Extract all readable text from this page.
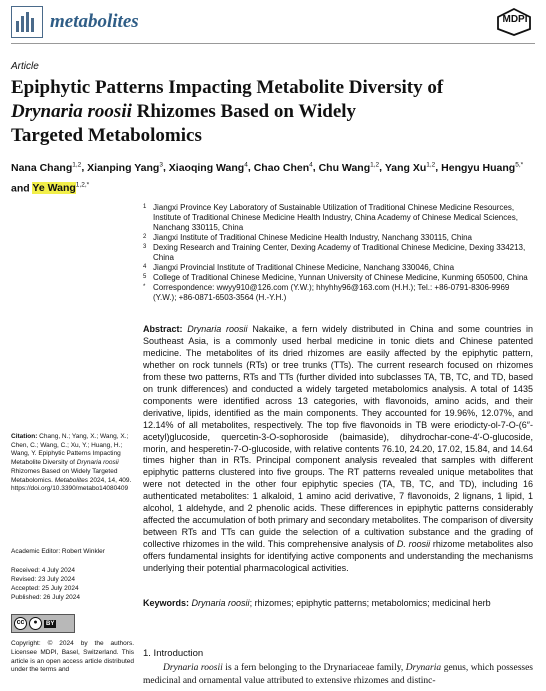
metabolites	MDPI
Article
Epiphytic Patterns Impacting Metabolite Diversity of
Drynaria roosii Rhizomes Based on Widely
Targeted Metabolomics
Nana Chang$^{1,2}$, Xianping Yang$^3$, Xiaoqing Wang$^4$, Chao Chen$^4$, Chu Wang$^{1,2}$, Yang Xu$^{1,2}$, Hengyu Huang$^{5,*}$
and Ye Wang$^{1,2,*}$
1 Jiangxi Province Key Laboratory of Sustainable Utilization of Traditional Chinese Medicine Resources, Institute of Traditional Chinese Medicine Health Industry, China Academy of Chinese Medical Sciences, Nanchang 330115, China
2 Jiangxi Institute of Traditional Chinese Medicine Health Industry, Nanchang 330115, China
3 Dexing Research and Training Center, Dexing Academy of Traditional Chinese Medicine, Dexing 334213, China
4 Jiangxi Provincial Institute of Traditional Chinese Medicine, Nanchang 330046, China
5 College of Traditional Chinese Medicine, Yunnan University of Chinese Medicine, Kunming 650500, China
* Correspondence: wwyy910@126.com (Y.W.); hhyhhy96@163.com (H.H.); Tel.: +86-0791-8306-9969 (Y.W.); +86-0871-6503-3564 (H.-Y.H.)
Abstract: Drynaria roosii Nakaike, a fern widely distributed in China and some countries in Southeast Asia, is a commonly used herbal medicine in tonic diets and Chinese patented medicine. The metabolites of its dried rhizomes are easily affected by the epiphytic pattern, whether on rock tunnels (RTs) or tree trunks (TTs). The current research focused on rhizomes from these two patterns, RTs and TTs (further divided into subclasses TA, TB, TC, and TD, based on trunk differences) and conducted a widely targeted metabolomics analysis. A total of 1435 components were identified across 13 categories, with flavonoids, amino acids, and their derivative, lipids, identified as the main components. They accounted for 19.96%, 12.07%, and 12.14% of all metabolites, respectively. The top five flavonoids in TB were eriodicty-ol-7-O-(6″-acetyl)glucoside, quercetin-3-O-sophoroside (baimaside), dihydrochar-cone-4′-O-glucoside, morin, and hesperetin-7-O-glucoside, with relative contents 76.10, 24.20, 17.02, 15.84, and 14.64 times higher than in RTs. Principal component analysis revealed that samples with different epiphytic patterns clustered into five groups. The RT patterns revealed unique metabolites that were not detected in the other four epiphytic species (TA, TB, TC, and TD), including 16 authenticated metabolites: 1 alkaloid, 1 amino acid derivative, 7 flavonoids, 2 lignans, 1 lipid, 1 alcohol, 1 aldehyde, and 2 phenolic acids. These differences in epiphytic patterns considerably affected the accumulation of both primary and secondary metabolites. The comparison of diversity between RTs and TTs can guide the selection of a cultivation substance and the grading of collective rhizomes in the wild. This comprehensive analysis of D. roosii rhizome metabolites also offers fundamental insights for identifying active components and understanding the mechanisms underlying their potential pharmacological activities.
Keywords: Drynaria roosii; rhizomes; epiphytic patterns; metabolomics; medicinal herb
1. Introduction
Drynaria roosii is a fern belonging to the Drynariaceae family, Drynaria genus, which possesses medicinal and ornamental value attributed to extensive rhizomes and distinc-
Citation: Chang, N.; Yang, X.; Wang, X.; Chen, C.; Wang, C.; Xu, Y.; Huang, H.; Wang, Y. Epiphytic Patterns Impacting Metabolite Diversity of Drynaria roosii Rhizomes Based on Widely Targeted Metabolomics. Metabolites 2024, 14, 409. https://doi.org/10.3390/metabo14080409
Academic Editor: Robert Winkler
Received: 4 July 2024
Revised: 23 July 2024
Accepted: 25 July 2024
Published: 26 July 2024
cc	●	BY
Copyright: © 2024 by the authors. Licensee MDPI, Basel, Switzerland. This article is an open access article distributed under the terms and
